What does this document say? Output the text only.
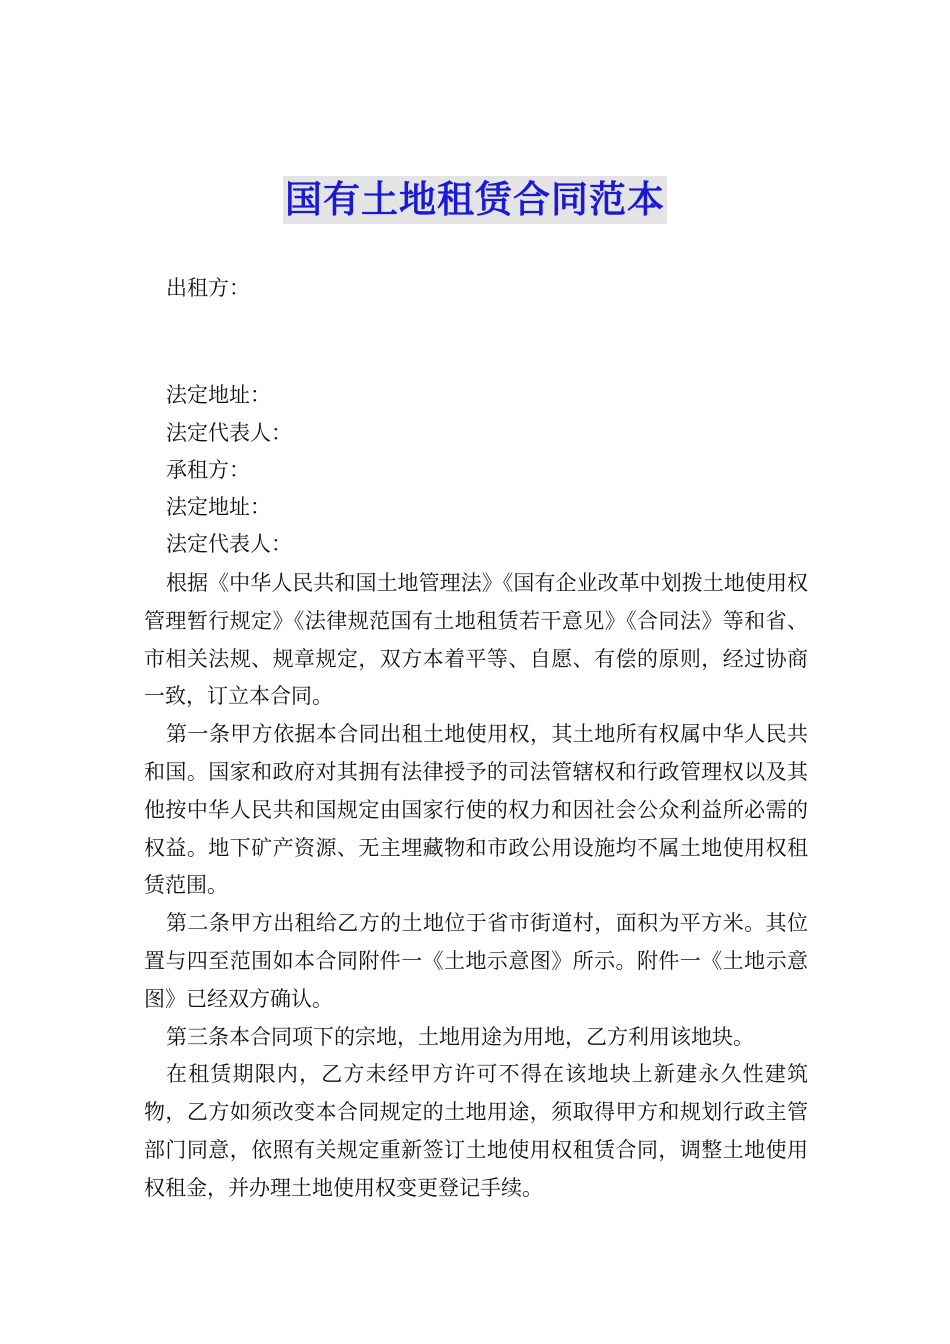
国有土地租赁合同范本
出租方：
法定地址：
法定代表人：
承租方：
法定地址：
法定代表人：

根据《中华人民共和国土地管理法》《国有企业改革中划拨土地使用权管理暂行规定》《法律规范国有土地租赁若干意见》《合同法》等和省、市相关法规、规章规定，双方本着平等、自愿、有偿的原则，经过协商一致，订立本合同。

第一条甲方依据本合同出租土地使用权，其土地所有权属中华人民共和国。国家和政府对其拥有法律授予的司法管辖权和行政管理权以及其他按中华人民共和国规定由国家行使的权力和因社会公众利益所必需的权益。地下矿产资源、无主埋藏物和市政公用设施均不属土地使用权租赁范围。

第二条甲方出租给乙方的土地位于省市街道村，面积为平方米。其位置与四至范围如本合同附件一《土地示意图》所示。附件一《土地示意图》已经双方确认。

第三条本合同项下的宗地，土地用途为用地，乙方利用该地块。

在租赁期限内，乙方未经甲方许可不得在该地块上新建永久性建筑物，乙方如须改变本合同规定的土地用途，须取得甲方和规划行政主管部门同意，依照有关规定重新签订土地使用权租赁合同，调整土地使用权租金，并办理土地使用权变更登记手续。
